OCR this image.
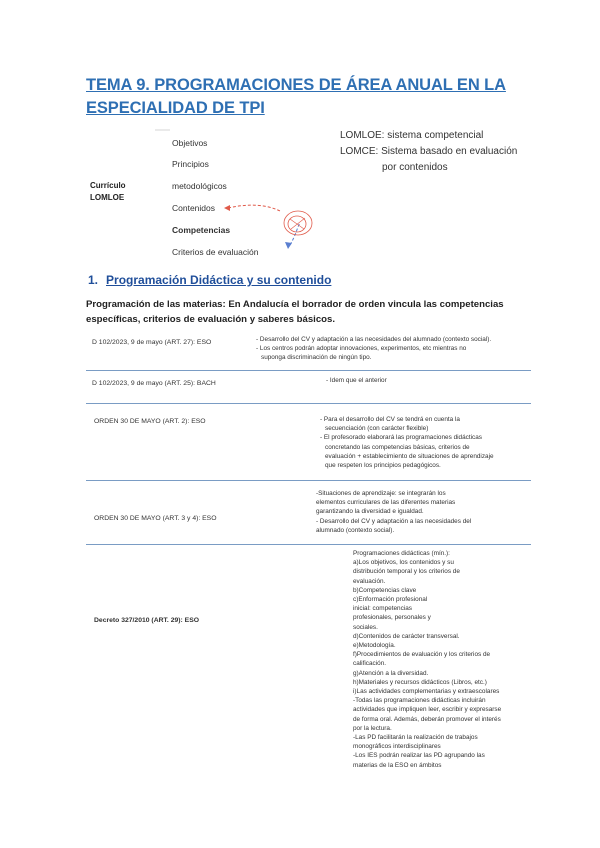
TEMA 9. PROGRAMACIONES DE ÁREA ANUAL EN LA ESPECIALIDAD DE TPI
Objetivos
Principios
metodológicos
Contenidos
Competencias
Criterios de evaluación
Currículo
LOMLOE
LOMLOE: sistema competencial
LOMCE: Sistema basado en evaluación
por contenidos
1. Programación Didáctica y su contenido
Programación de las materias: En Andalucía el borrador de orden vincula las competencias específicas, criterios de evaluación y saberes básicos.
D 102/2023, 9 de mayo (ART. 27): ESO	- Desarrollo del CV y adaptación a las necesidades del alumnado (contexto social).
- Los centros podrán adoptar innovaciones, experimentos, etc mientras no
suponga discriminación de ningún tipo.
D 102/2023, 9 de mayo (ART. 25): BACH	- Idem que el anterior
ORDEN 30 DE MAYO (ART. 2): ESO	- Para el desarrollo del CV se tendrá en cuenta la
secuenciación (con carácter flexible)
- El profesorado elaborará las programaciones didácticas
concretando las competencias básicas, criterios de
evaluación + establecimiento de situaciones de aprendizaje
que respeten los principios pedagógicos.
ORDEN 30 DE MAYO (ART. 3 y 4): ESO
-Situaciones de aprendizaje: se integrarán los
elementos curriculares de las diferentes materias
garantizando la diversidad e igualdad.
- Desarrollo del CV y adaptación a las necesidades del
alumnado (contexto social).
Decreto 327/2010 (ART. 29): ESO
Programaciones didácticas (mín.):
a)Los objetivos, los contenidos y su
distribución temporal y los criterios de
evaluación.
b)Competencias clave
c)Enformación profesional
inicial: competencias
profesionales, personales y
sociales.
d)Contenidos de carácter transversal.
e)Metodología.
f)Procedimientos de evaluación y los criterios de
calificación.
g)Atención a la diversidad.
h)Materiales y recursos didácticos (Libros, etc.)
i)Las actividades complementarias y extraescolares
-Todas las programaciones didácticas incluirán
actividades que impliquen leer, escribir y expresarse
de forma oral. Además, deberán promover el interés
por la lectura.
-Las PD facilitarán la realización de trabajos
monográficos interdisciplinares
-Los IES podrán realizar las PD agrupando las
materias de la ESO en ámbitos
